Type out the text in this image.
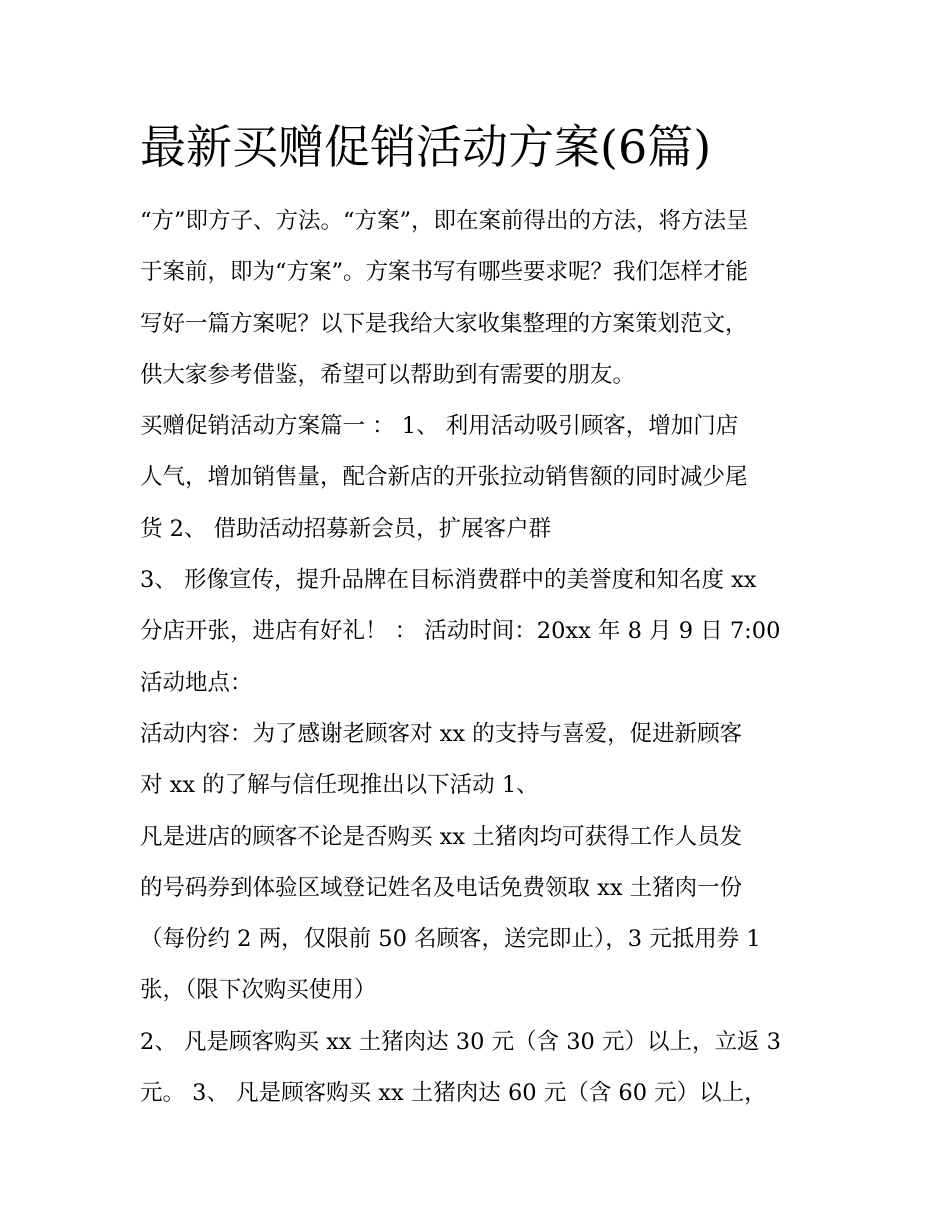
最新买赠促销活动方案(6篇)
“方”即方子、方法。“方案”，即在案前得出的方法，将方法呈
于案前，即为“方案”。方案书写有哪些要求呢？我们怎样才能
写好一篇方案呢？以下是我给大家收集整理的方案策划范文，
供大家参考借鉴，希望可以帮助到有需要的朋友。
买赠促销活动方案篇一 ： 1、 利用活动吸引顾客，增加门店
人气，增加销售量，配合新店的开张拉动销售额的同时减少尾
货 2、 借助活动招募新会员，扩展客户群
3、 形像宣传，提升品牌在目标消费群中的美誉度和知名度 xx
分店开张，进店有好礼！ ： 活动时间：20xx 年 8 月 9 日 7:00
活动地点：
活动内容：为了感谢老顾客对 xx 的支持与喜爱，促进新顾客
对 xx 的了解与信任现推出以下活动 1、
凡是进店的顾客不论是否购买 xx 土猪肉均可获得工作人员发
的号码券到体验区域登记姓名及电话免费领取 xx 土猪肉一份
（每份约 2 两，仅限前 50 名顾客，送完即止），3 元抵用券 1
张，（限下次购买使用）
2、 凡是顾客购买 xx 土猪肉达 30 元（含 30 元）以上，立返 3
元。 3、 凡是顾客购买 xx 土猪肉达 60 元（含 60 元）以上，
